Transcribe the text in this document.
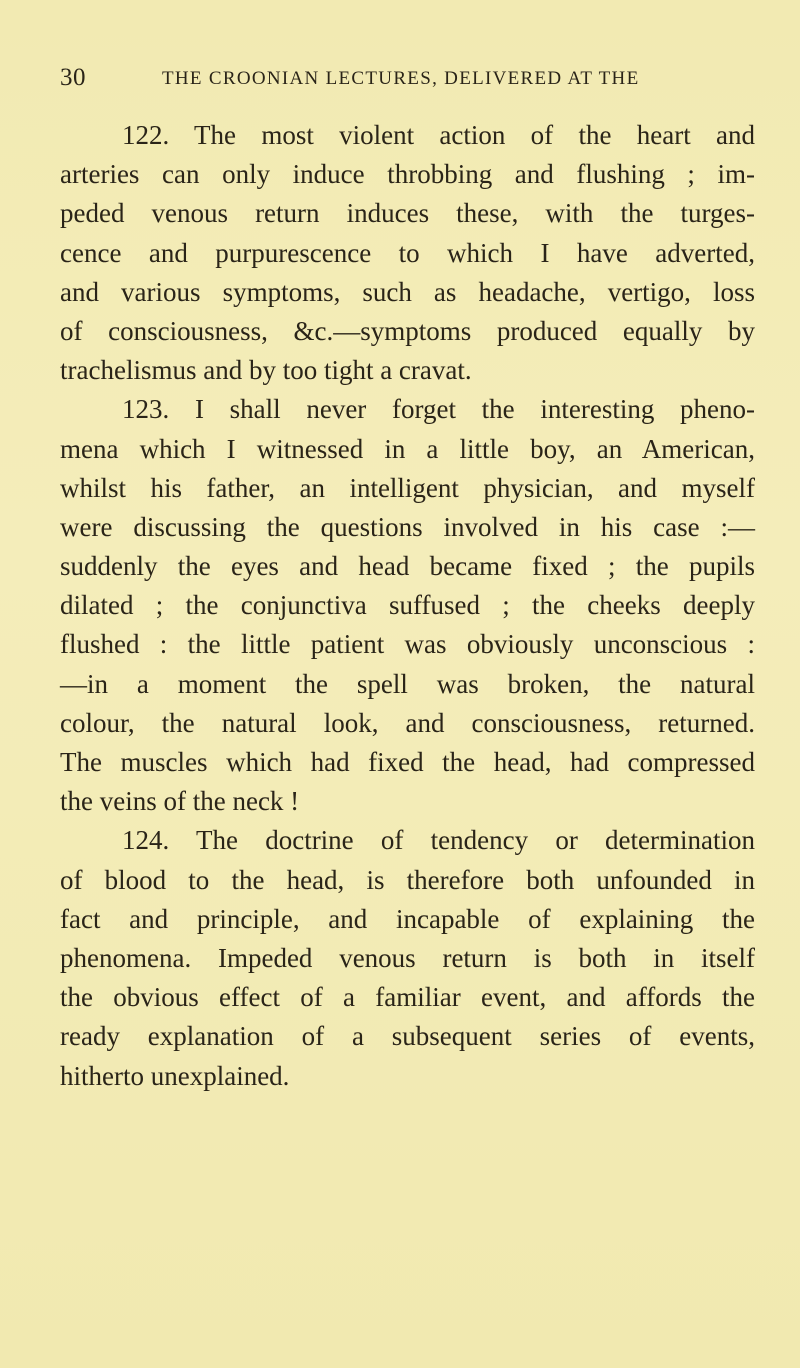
30	THE CROONIAN LECTURES, DELIVERED AT THE
122. The most violent action of the heart and
arteries can only induce throbbing and flushing ; im-
peded venous return induces these, with the turges-
cence and purpurescence to which I have adverted,
and various symptoms, such as headache, vertigo, loss
of consciousness, &c.—symptoms produced equally by
trachelismus and by too tight a cravat.
123. I shall never forget the interesting pheno-
mena which I witnessed in a little boy, an American,
whilst his father, an intelligent physician, and myself
were discussing the questions involved in his case :—
suddenly the eyes and head became fixed ; the pupils
dilated ; the conjunctiva suffused ; the cheeks deeply
flushed : the little patient was obviously unconscious :
—in a moment the spell was broken, the natural
colour, the natural look, and consciousness, returned.
The muscles which had fixed the head, had compressed
the veins of the neck !
124. The doctrine of tendency or determination
of blood to the head, is therefore both unfounded in
fact and principle, and incapable of explaining the
phenomena. Impeded venous return is both in itself
the obvious effect of a familiar event, and affords the
ready explanation of a subsequent series of events,
hitherto unexplained.
